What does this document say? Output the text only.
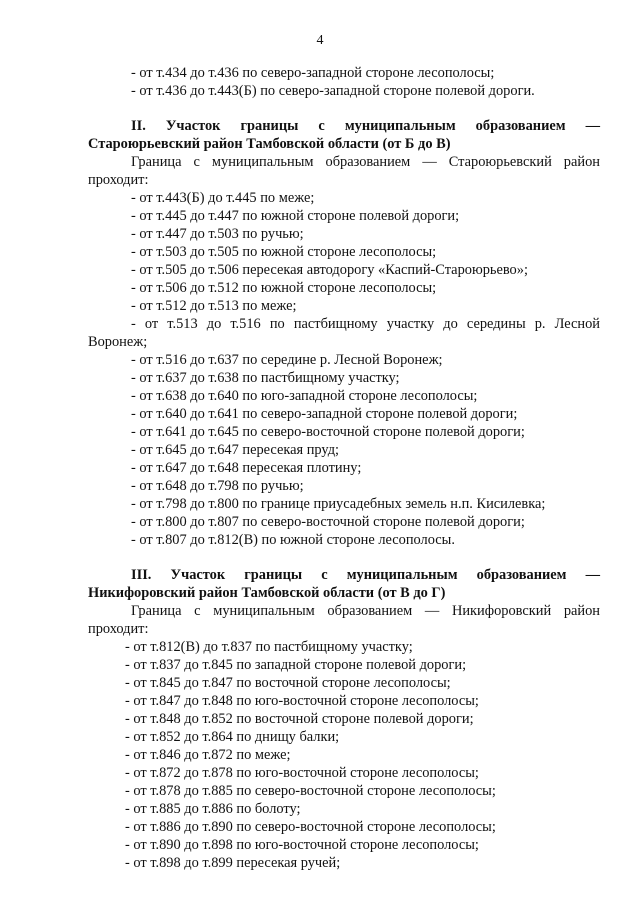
4
- от т.434 до т.436 по северо-западной стороне лесополосы;
- от т.436 до т.443(Б) по северо-западной стороне полевой дороги.
II. Участок границы с муниципальным образованием —
Староюрьевский район Тамбовской области (от Б до В)
Граница с муниципальным образованием — Староюрьевский район
проходит:
- от т.443(Б) до т.445 по меже;
- от т.445 до т.447 по южной стороне полевой дороги;
- от т.447 до т.503 по ручью;
- от т.503 до т.505 по южной стороне лесополосы;
- от т.505 до т.506 пересекая автодорогу «Каспий-Староюрьево»;
- от т.506 до т.512 по южной стороне лесополосы;
- от т.512 до т.513 по меже;
- от т.513 до т.516 по пастбищному участку до середины р. Лесной
Воронеж;
- от т.516 до т.637 по середине р. Лесной Воронеж;
- от т.637 до т.638 по пастбищному участку;
- от т.638 до т.640 по юго-западной стороне лесополосы;
- от т.640 до т.641 по северо-западной стороне полевой дороги;
- от т.641 до т.645 по северо-восточной стороне полевой дороги;
- от т.645 до т.647 пересекая пруд;
- от т.647 до т.648 пересекая плотину;
- от т.648 до т.798 по ручью;
- от т.798 до т.800 по границе приусадебных земель н.п. Кисилевка;
- от т.800 до т.807 по северо-восточной стороне полевой дороги;
- от т.807 до т.812(В) по южной стороне лесополосы.
III. Участок границы с муниципальным образованием —
Никифоровский район Тамбовской области (от В до Г)
Граница с муниципальным образованием — Никифоровский район
проходит:
- от т.812(В) до т.837 по пастбищному участку;
- от т.837 до т.845 по западной стороне полевой дороги;
- от т.845 до т.847 по восточной стороне лесополосы;
- от т.847 до т.848 по юго-восточной стороне лесополосы;
- от т.848 до т.852 по восточной стороне полевой дороги;
- от т.852 до т.864 по днищу балки;
- от т.846 до т.872 по меже;
- от т.872 до т.878 по юго-восточной стороне лесополосы;
- от т.878 до т.885 по северо-восточной стороне лесополосы;
- от т.885 до т.886 по болоту;
- от т.886 до т.890 по северо-восточной стороне лесополосы;
- от т.890 до т.898 по юго-восточной стороне лесополосы;
- от т.898 до т.899 пересекая ручей;
